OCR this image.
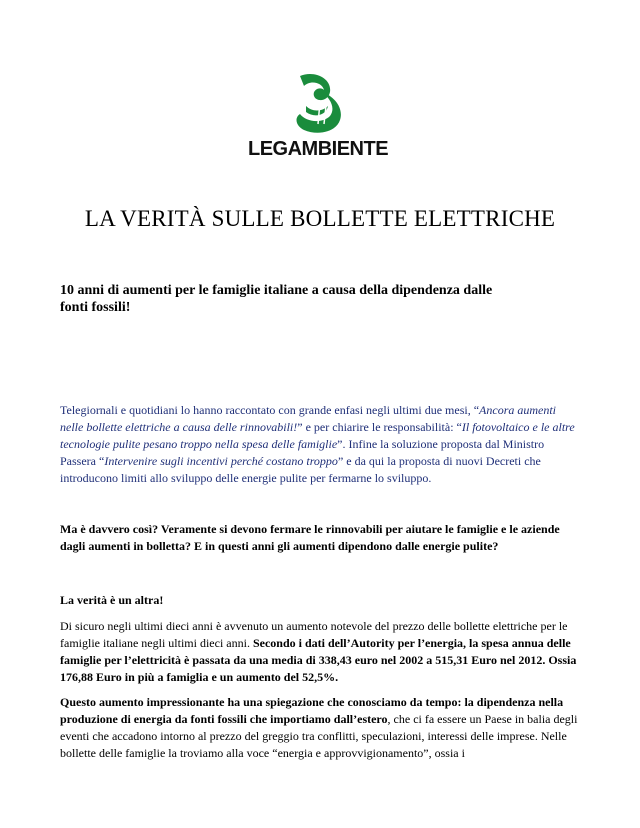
LEGAMBIENTE
LA VERITÀ SULLE BOLLETTE ELETTRICHE
10 anni di aumenti per le famiglie italiane a causa della dipendenza dalle fonti fossili!
Telegiornali e quotidiani lo hanno raccontato con grande enfasi negli ultimi due mesi, “Ancora aumenti nelle bollette elettriche a causa delle rinnovabili!” e per chiarire le responsabilità: “Il fotovoltaico e le altre tecnologie pulite pesano troppo nella spesa delle famiglie”. Infine la soluzione proposta dal Ministro Passera “Intervenire sugli incentivi perché costano troppo” e da qui la proposta di nuovi Decreti che introducono limiti allo sviluppo delle energie pulite per fermarne lo sviluppo.
Ma è davvero così? Veramente si devono fermare le rinnovabili per aiutare le famiglie e le aziende dagli aumenti in bolletta? E in questi anni gli aumenti dipendono dalle energie pulite?
La verità è un altra!
Di sicuro negli ultimi dieci anni è avvenuto un aumento notevole del prezzo delle bollette elettriche per le famiglie italiane negli ultimi dieci anni. Secondo i dati dell’Autority per l’energia, la spesa annua delle famiglie per l’elettricità è passata da una media di 338,43 euro nel 2002 a 515,31 Euro nel 2012. Ossia 176,88 Euro in più a famiglia e un aumento del 52,5%.
Questo aumento impressionante ha una spiegazione che conosciamo da tempo: la dipendenza nella produzione di energia da fonti fossili che importiamo dall’estero, che ci fa essere un Paese in balia degli eventi che accadono intorno al prezzo del greggio tra conflitti, speculazioni, interessi delle imprese. Nelle bollette delle famiglie la troviamo alla voce “energia e approvvigionamento”, ossia i
